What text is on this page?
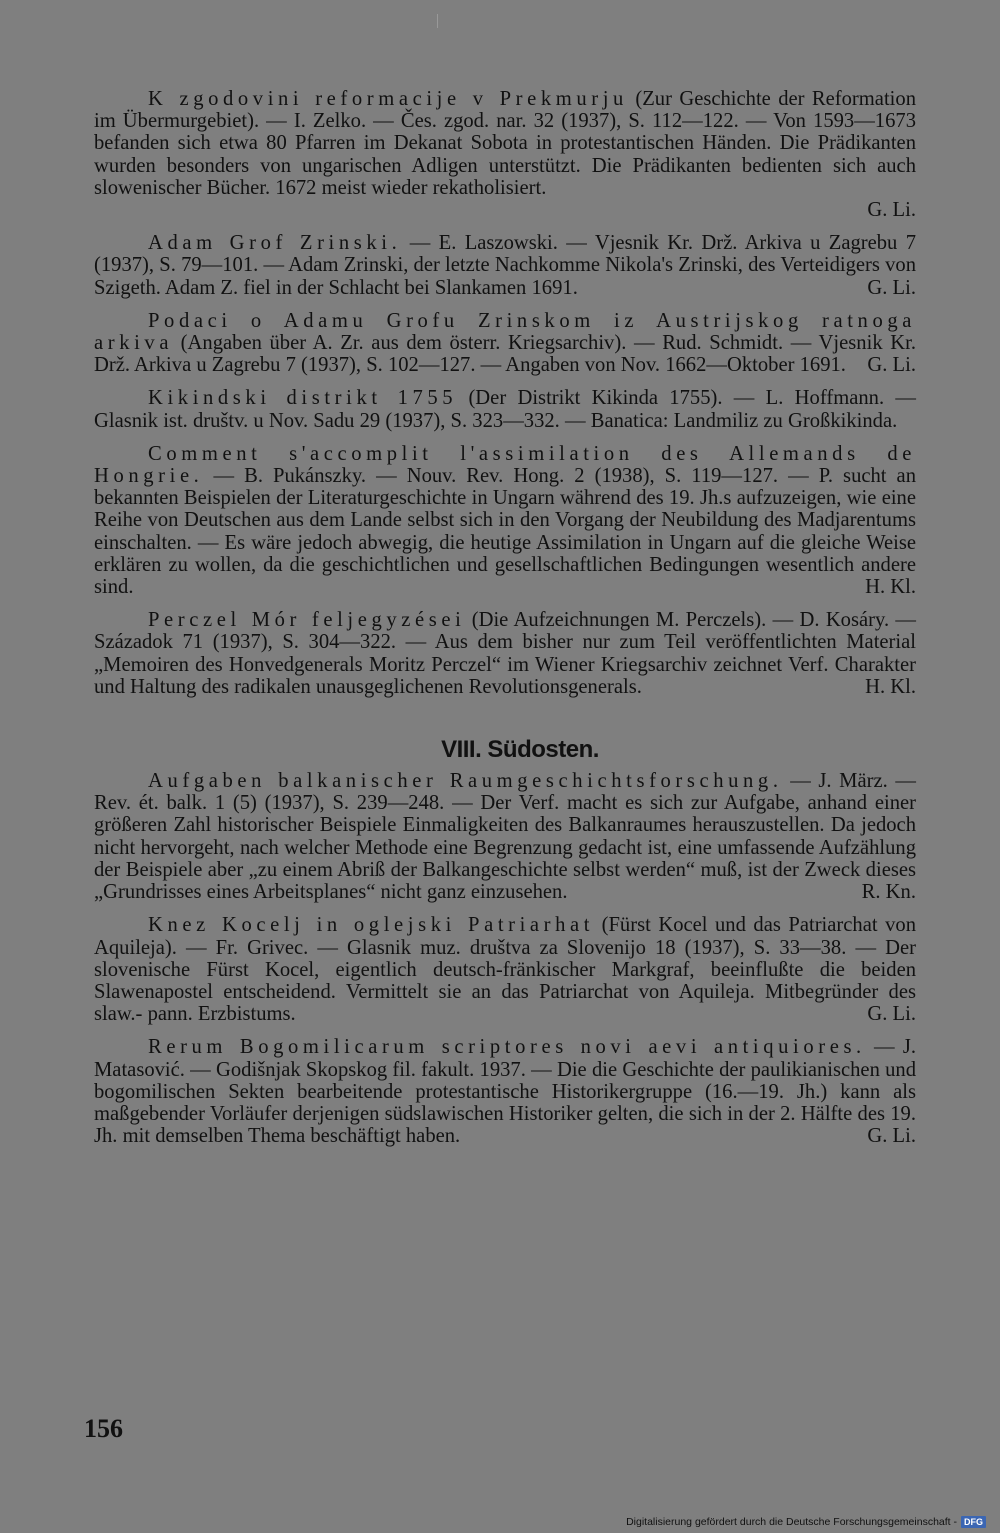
K zgodovini reformacije v Prekmurju (Zur Geschichte der Reformation im Übermurgebiet). — I. Zelko. — Čes. zgod. nar. 32 (1937), S. 112—122. — Von 1593—1673 befanden sich etwa 80 Pfarren im Dekanat Sobota in protestantischen Händen. Die Prädikanten wurden besonders von ungarischen Adligen unterstützt. Die Prädikanten bedienten sich auch slowenischer Bücher. 1672 meist wieder rekatholisiert.
G. Li.
Adam Grof Zrinski. — E. Laszowski. — Vjesnik Kr. Drž. Arkiva u Zagrebu 7 (1937), S. 79—101. — Adam Zrinski, der letzte Nachkomme Nikola's Zrinski, des Verteidigers von Szigeth. Adam Z. fiel in der Schlacht bei Slankamen 1691.	G. Li.
Podaci o Adamu Grofu Zrinskom iz Austrijskog ratnoga arkiva (Angaben über A. Zr. aus dem österr. Kriegsarchiv). — Rud. Schmidt. — Vjesnik Kr. Drž. Arkiva u Zagrebu 7 (1937), S. 102—127. — Angaben von Nov. 1662—Oktober 1691. G. Li.
Kikindski distrikt 1755 (Der Distrikt Kikinda 1755). — L. Hoffmann. — Glasnik ist. društv. u Nov. Sadu 29 (1937), S. 323—332. — Banatica: Landmiliz zu Großkikinda.
Comment s'accomplit l'assimilation des Allemands de Hongrie. — B. Pukánszky. — Nouv. Rev. Hong. 2 (1938), S. 119—127. — P. sucht an bekannten Beispielen der Literaturgeschichte in Ungarn während des 19. Jh.s aufzuzeigen, wie eine Reihe von Deutschen aus dem Lande selbst sich in den Vorgang der Neubildung des Madjarentums einschalten. — Es wäre jedoch abwegig, die heutige Assimilation in Ungarn auf die gleiche Weise erklären zu wollen, da die geschichtlichen und gesellschaftlichen Bedingungen wesentlich andere sind.	H. Kl.
Perczel Mór feljegyzései (Die Aufzeichnungen M. Perczels). — D. Kosáry. — Századok 71 (1937), S. 304—322. — Aus dem bisher nur zum Teil veröffentlichten Material „Memoiren des Honvedgenerals Moritz Perczel“ im Wiener Kriegsarchiv zeichnet Verf. Charakter und Haltung des radikalen unausgeglichenen Revolutionsgenerals.	H. Kl.
VIII. Südosten.
Aufgaben balkanischer Raumgeschichtsforschung. — J. März. — Rev. ét. balk. 1 (5) (1937), S. 239—248. — Der Verf. macht es sich zur Aufgabe, anhand einer größeren Zahl historischer Beispiele Einmaligkeiten des Balkanraumes herauszustellen. Da jedoch nicht hervorgeht, nach welcher Methode eine Begrenzung gedacht ist, eine umfassende Aufzählung der Beispiele aber „zu einem Abriß der Balkangeschichte selbst werden“ muß, ist der Zweck dieses „Grundrisses eines Arbeitsplanes“ nicht ganz einzusehen.	R. Kn.
Knez Kocelj in oglejski Patriarhat (Fürst Kocel und das Patriarchat von Aquileja). — Fr. Grivec. — Glasnik muz. društva za Slovenijo 18 (1937), S. 33—38. — Der slovenische Fürst Kocel, eigentlich deutsch-fränkischer Markgraf, beeinflußte die beiden Slawenapostel entscheidend. Vermittelt sie an das Patriarchat von Aquileja. Mitbegründer des slaw.- pann. Erzbistums.	G. Li.
Rerum Bogomilicarum scriptores novi aevi antiquiores. — J. Matasović. — Godišnjak Skopskog fil. fakult. 1937. — Die die Geschichte der paulikianischen und bogomilischen Sekten bearbeitende protestantische Historikergruppe (16.—19. Jh.) kann als maßgebender Vorläufer derjenigen südslawischen Historiker gelten, die sich in der 2. Hälfte des 19. Jh. mit demselben Thema beschäftigt haben.	G. Li.
156
Digitalisierung gefördert durch die Deutsche Forschungsgemeinschaft - DFG
